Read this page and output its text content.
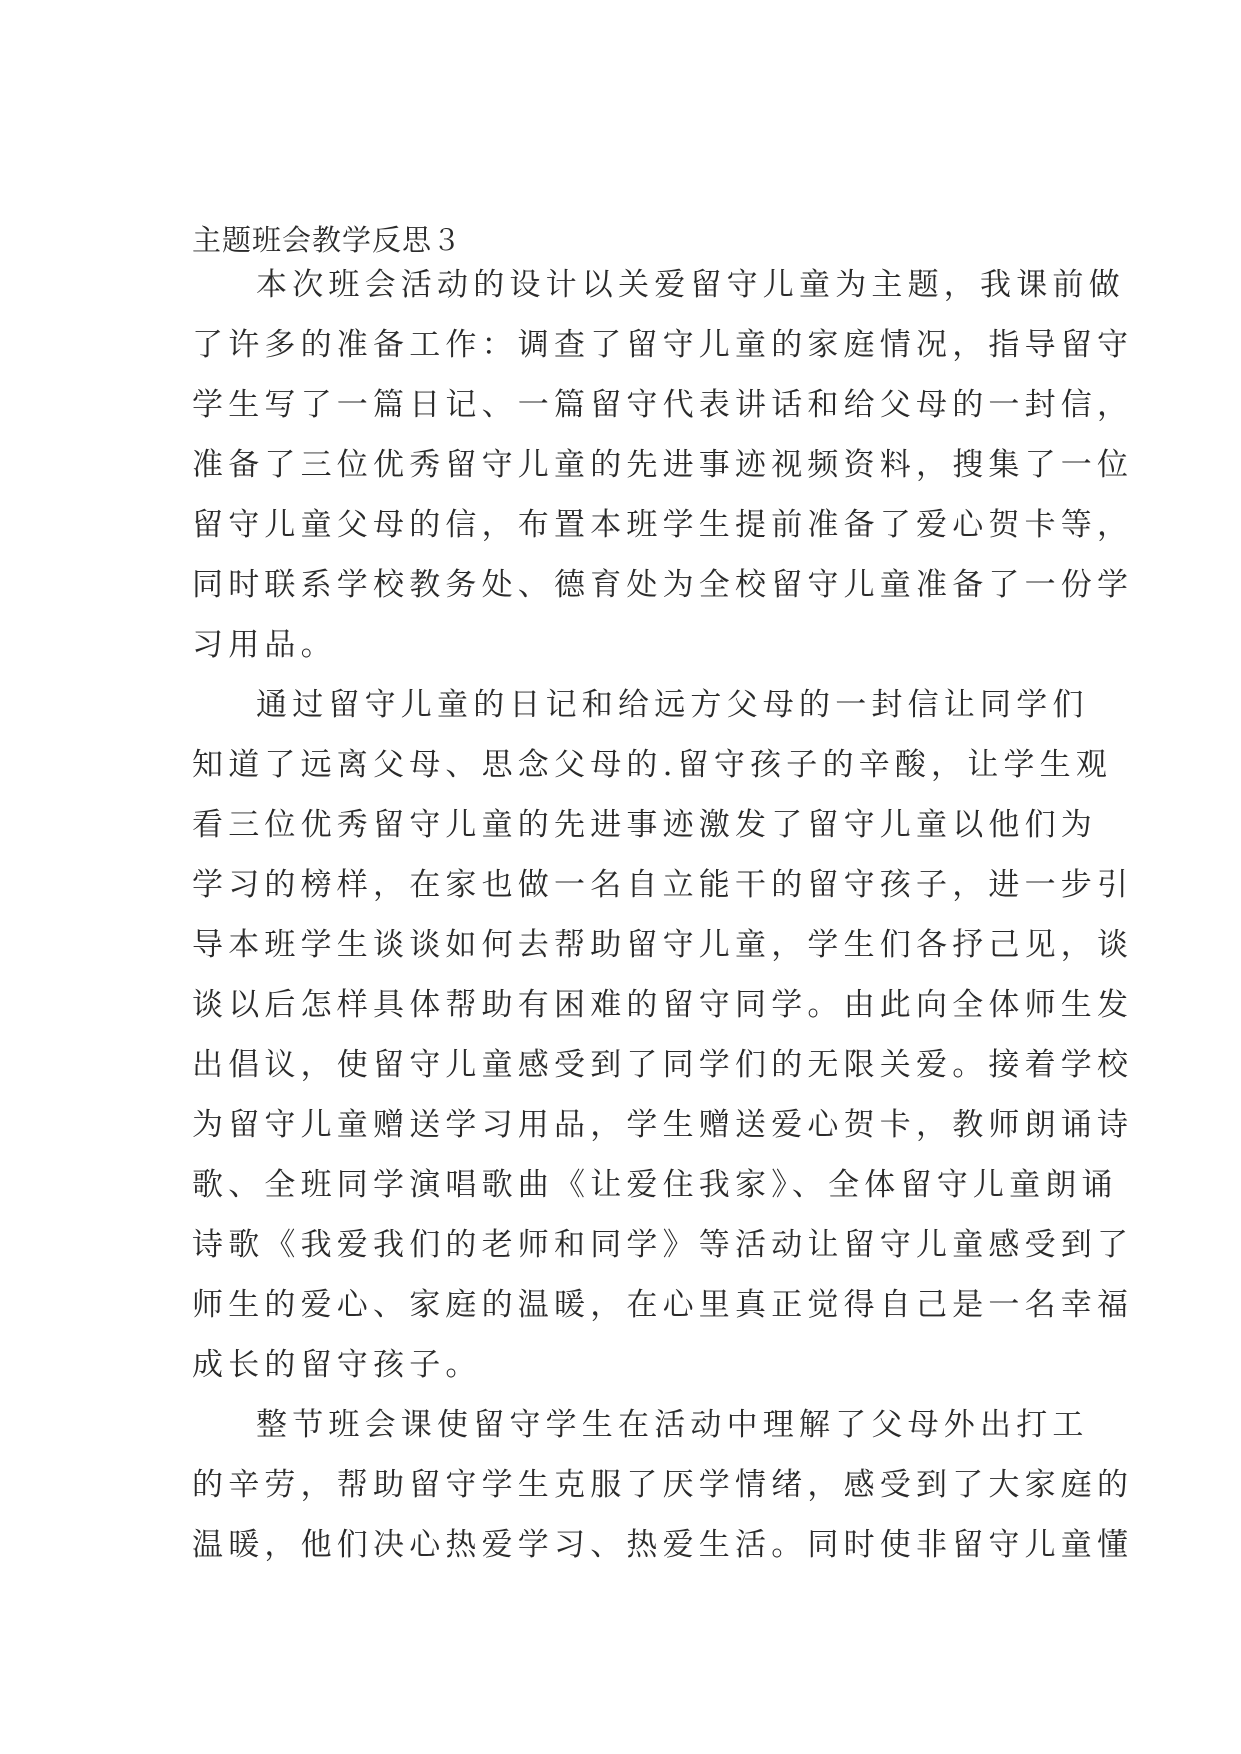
主题班会教学反思３
本次班会活动的设计以关爱留守儿童为主题，我课前做
了许多的准备工作：调查了留守儿童的家庭情况，指导留守
学生写了一篇日记、一篇留守代表讲话和给父母的一封信，
准备了三位优秀留守儿童的先进事迹视频资料，搜集了一位
留守儿童父母的信，布置本班学生提前准备了爱心贺卡等，
同时联系学校教务处、德育处为全校留守儿童准备了一份学
习用品。
通过留守儿童的日记和给远方父母的一封信让同学们
知道了远离父母、思念父母的.留守孩子的辛酸，让学生观
看三位优秀留守儿童的先进事迹激发了留守儿童以他们为
学习的榜样，在家也做一名自立能干的留守孩子，进一步引
导本班学生谈谈如何去帮助留守儿童，学生们各抒己见，谈
谈以后怎样具体帮助有困难的留守同学。由此向全体师生发
出倡议，使留守儿童感受到了同学们的无限关爱。接着学校
为留守儿童赠送学习用品，学生赠送爱心贺卡，教师朗诵诗
歌、全班同学演唱歌曲《让爱住我家》、全体留守儿童朗诵
诗歌《我爱我们的老师和同学》等活动让留守儿童感受到了
师生的爱心、家庭的温暖，在心里真正觉得自己是一名幸福
成长的留守孩子。
整节班会课使留守学生在活动中理解了父母外出打工
的辛劳，帮助留守学生克服了厌学情绪，感受到了大家庭的
温暖，他们决心热爱学习、热爱生活。同时使非留守儿童懂
